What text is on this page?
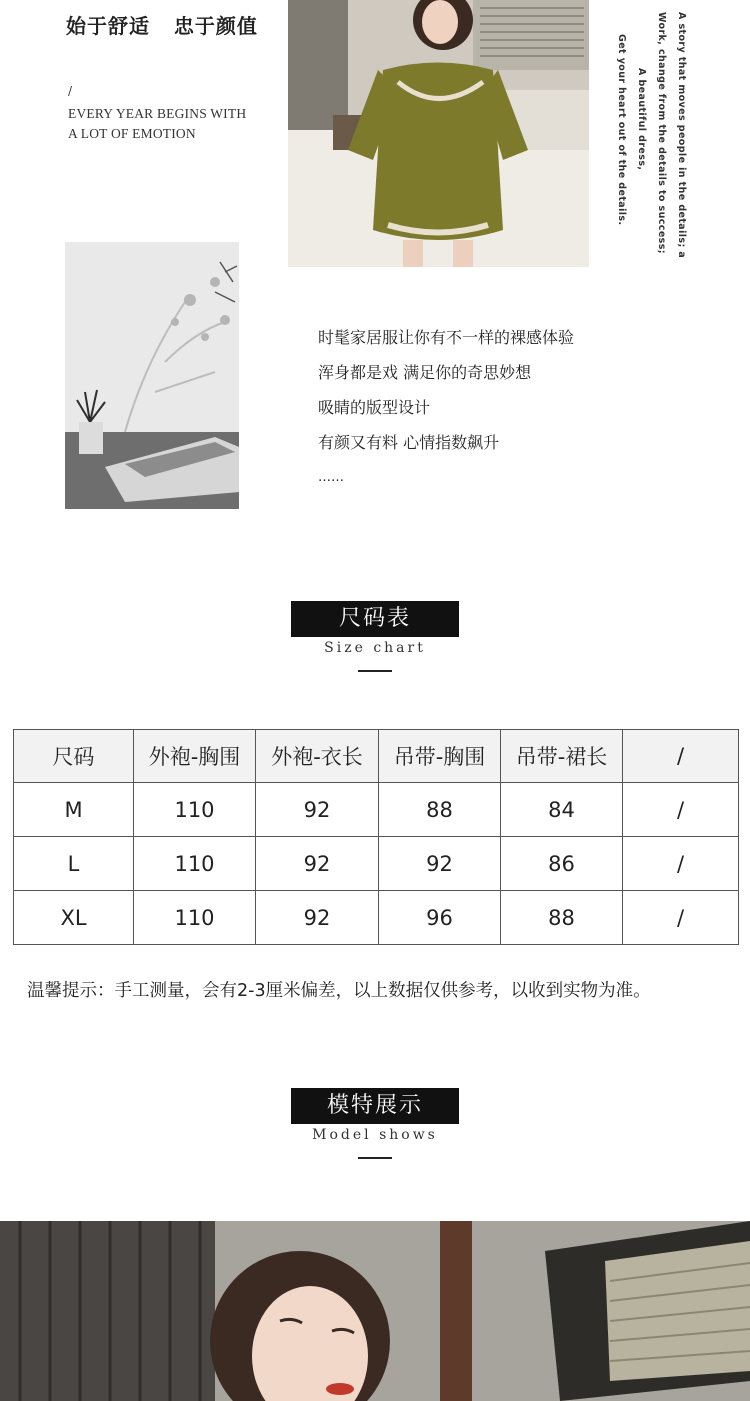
始于舒适   忠于颜值
/
EVERY YEAR BEGINS WITH
A LOT OF EMOTION	A story that moves people in the details; a
Work, change from the details to success;
A beautiful dress,
Get your heart out of the details.
时髦家居服让你有不一样的裸感体验
浑身都是戏 满足你的奇思妙想
吸睛的版型设计
有颜又有料 心情指数飙升
……
尺码表
Size chart
尺码	外袍-胸围	外袍-衣长	吊带-胸围	吊带-裙长	/
M	110	92	88	84	/
L	110	92	92	86	/
XL	110	92	96	88	/
温馨提示：手工测量，会有2-3厘米偏差，以上数据仅供参考，以收到实物为准。
模特展示
Model shows
